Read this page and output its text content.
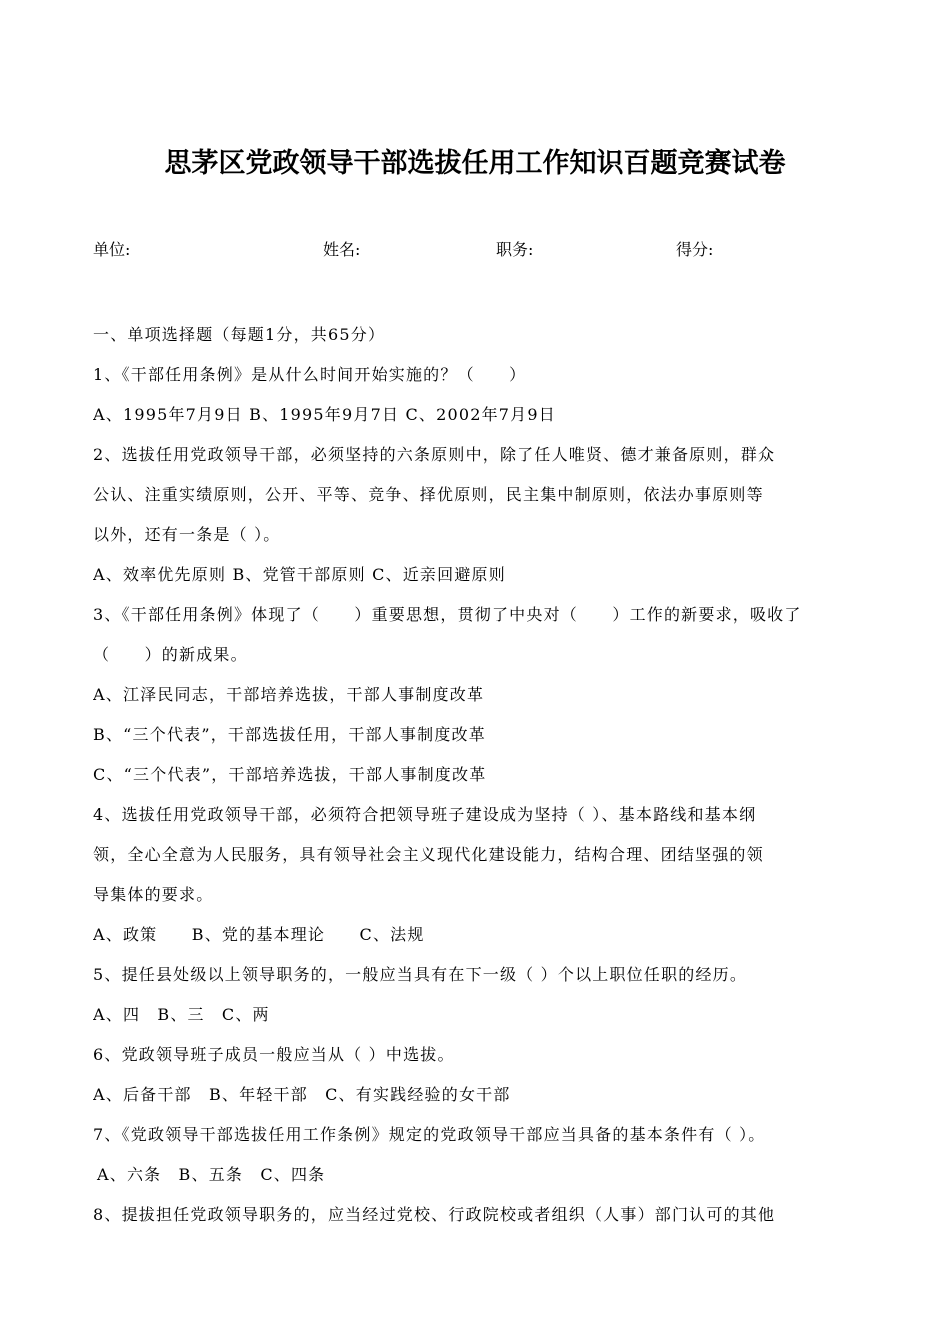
思茅区党政领导干部选拔任用工作知识百题竞赛试卷
单位:	姓名:	职务:	得分:
一、单项选择题（每题1分，共65分）
1、《干部任用条例》是从什么时间开始实施的？（　　）
A、1995年7月9日 B、1995年9月7日 C、2002年7月9日
2、选拔任用党政领导干部，必须坚持的六条原则中，除了任人唯贤、德才兼备原则，群众
公认、注重实绩原则，公开、平等、竞争、择优原则，民主集中制原则，依法办事原则等
以外，还有一条是（ ）。
A、效率优先原则 B、党管干部原则 C、近亲回避原则
3、《干部任用条例》体现了（　　）重要思想，贯彻了中央对（　　）工作的新要求，吸收了
（　　）的新成果。
A、江泽民同志，干部培养选拔，干部人事制度改革
B、“三个代表”，干部选拔任用，干部人事制度改革
C、“三个代表”，干部培养选拔，干部人事制度改革
4、选拔任用党政领导干部，必须符合把领导班子建设成为坚持（ ）、基本路线和基本纲
领，全心全意为人民服务，具有领导社会主义现代化建设能力，结构合理、团结坚强的领
导集体的要求。
A、政策　　B、党的基本理论　　C、法规
5、提任县处级以上领导职务的，一般应当具有在下一级（ ）个以上职位任职的经历。
A、四　B、三　C、两
6、党政领导班子成员一般应当从（ ）中选拔。
A、后备干部　B、年轻干部　C、有实践经验的女干部
7、《党政领导干部选拔任用工作条例》规定的党政领导干部应当具备的基本条件有（ ）。
A、六条　B、五条　C、四条
8、提拔担任党政领导职务的，应当经过党校、行政院校或者组织（人事）部门认可的其他
